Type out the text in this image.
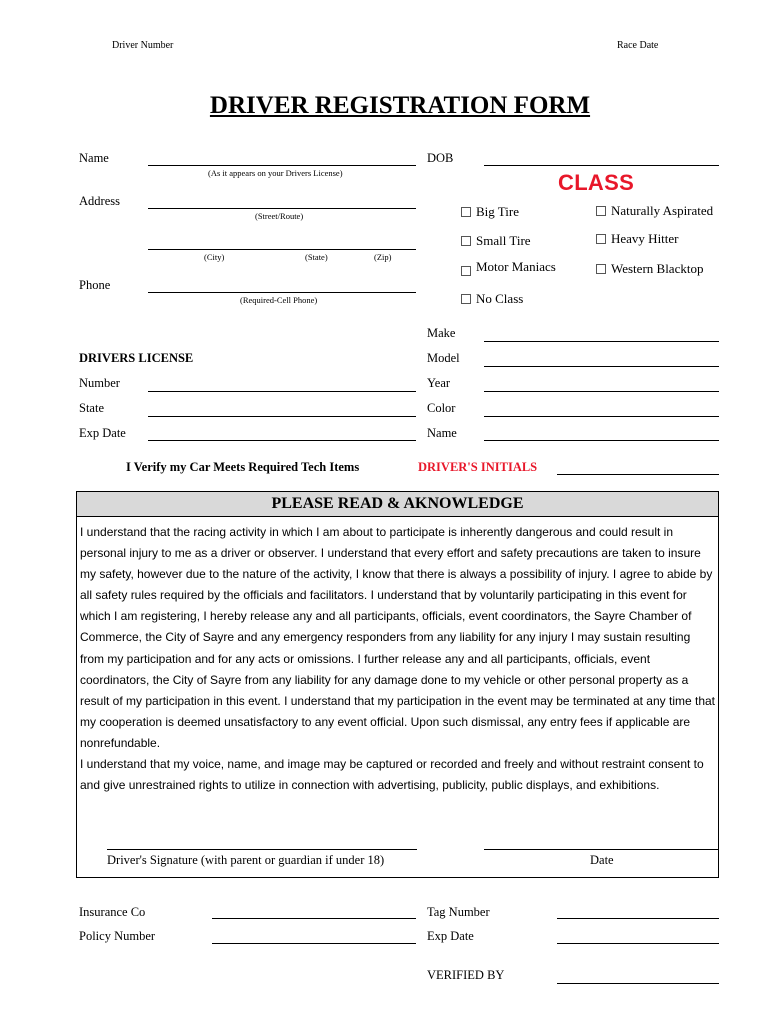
Driver Number	Race Date
DRIVER REGISTRATION FORM
Name
(As it appears on your Drivers License)
DOB
CLASS
Address
(Street/Route)
(City)	(State)	(Zip)
Phone
(Required-Cell Phone)
Big Tire	Naturally Aspirated
Small Tire	Heavy Hitter
Motor Maniacs	Western Blacktop
No Class
Make
Model
Year
Color
Name
DRIVERS LICENSE
Number
State
Exp Date
I Verify my Car Meets Required Tech Items	DRIVER'S INITIALS
PLEASE READ & AKNOWLEDGE

I understand that the racing activity in which I am about to participate is inherently dangerous and could result in personal injury to me as a driver or observer. I understand that every effort and safety precautions are taken to insure my safety, however due to the nature of the activity, I know that there is always a possibility of injury. I agree to abide by all safety rules required by the officials and facilitators. I understand that by voluntarily participating in this event for which I am registering, I hereby release any and all participants, officials, event coordinators, the Sayre Chamber of Commerce, the City of Sayre and any emergency responders from any liability for any injury I may sustain resulting from my participation and for any acts or omissions. I further release any and all participants, officials, event coordinators, the City of Sayre from any liability for any damage done to my vehicle or other personal property as a result of my participation in this event. I understand that my participation in the event may be terminated at any time that my cooperation is deemed unsatisfactory to any event official. Upon such dismissal, any entry fees if applicable are nonrefundable.

I understand that my voice, name, and image may be captured or recorded and freely and without restraint consent to and give unrestrained rights to utilize in connection with advertising, publicity, public displays, and exhibitions.

Driver's Signature (with parent or guardian if under 18)	Date
Insurance Co
Policy Number
Tag Number
Exp Date
VERIFIED BY
